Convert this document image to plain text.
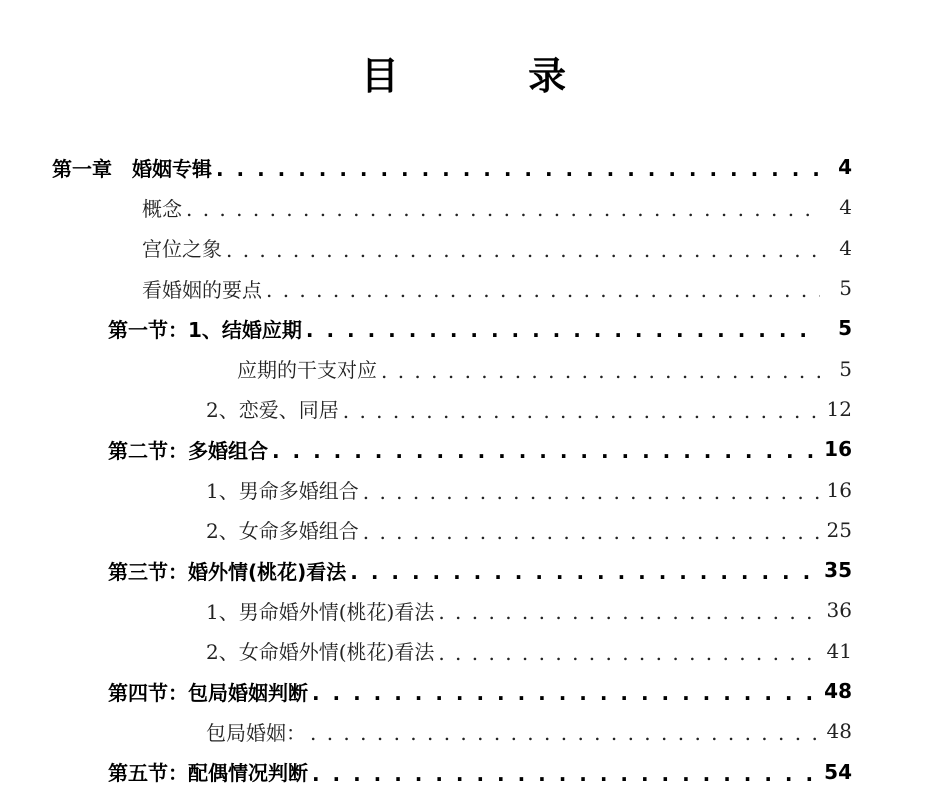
目 录
第一章　婚姻专辑 . . .	4
概念 . . .	4
宫位之象 . . .	4
看婚姻的要点 . . .	5
第一节：1、结婚应期 . . .	5
应期的干支对应 . . .	5
2、恋爱、同居 . . .	12
第二节：多婚组合 . . .	16
1、男命多婚组合 . . .	16
2、女命多婚组合 . . .	25
第三节：婚外情(桃花)看法 . . .	35
1、男命婚外情(桃花)看法 . . .	36
2、女命婚外情(桃花)看法 . . .	41
第四节：包局婚姻判断 . . .	48
包局婚姻： . . .	48
第五节：配偶情况判断 . . .	54
